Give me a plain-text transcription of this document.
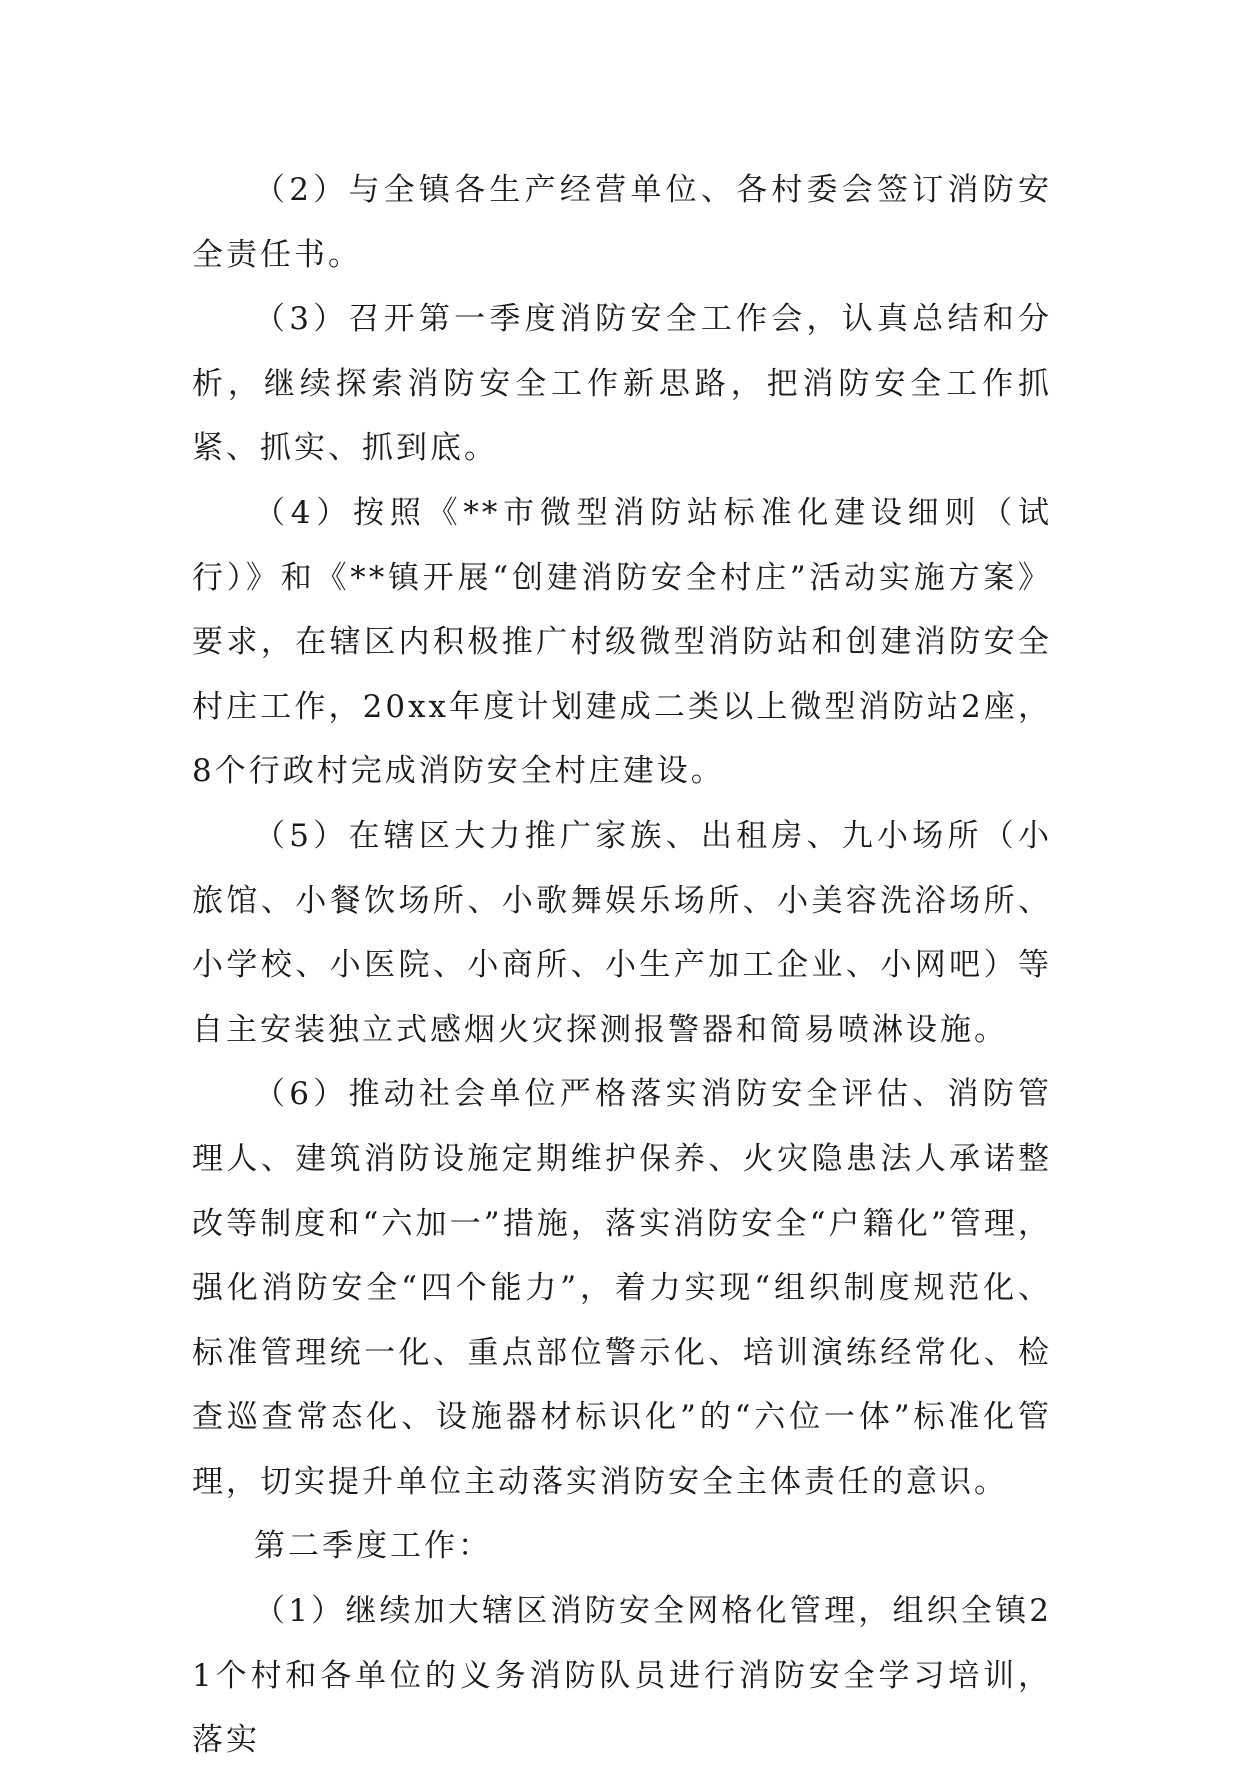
（2）与全镇各生产经营单位、各村委会签订消防安全责任书。

（3）召开第一季度消防安全工作会，认真总结和分析，继续探索消防安全工作新思路，把消防安全工作抓紧、抓实、抓到底。

（4）按照《**市微型消防站标准化建设细则（试行）》和《**镇开展“创建消防安全村庄”活动实施方案》要求，在辖区内积极推广村级微型消防站和创建消防安全村庄工作，20xx年度计划建成二类以上微型消防站2座，8个行政村完成消防安全村庄建设。

（5）在辖区大力推广家族、出租房、九小场所（小旅馆、小餐饮场所、小歌舞娱乐场所、小美容洗浴场所、小学校、小医院、小商所、小生产加工企业、小网吧）等自主安装独立式感烟火灾探测报警器和简易喷淋设施。

（6）推动社会单位严格落实消防安全评估、消防管理人、建筑消防设施定期维护保养、火灾隐患法人承诺整改等制度和“六加一”措施，落实消防安全“户籍化”管理，强化消防安全“四个能力”，着力实现“组织制度规范化、标准管理统一化、重点部位警示化、培训演练经常化、检查巡查常态化、设施器材标识化”的“六位一体”标准化管理，切实提升单位主动落实消防安全主体责任的意识。

第二季度工作：

（1）继续加大辖区消防安全网格化管理，组织全镇21个村和各单位的义务消防队员进行消防安全学习培训，落实
